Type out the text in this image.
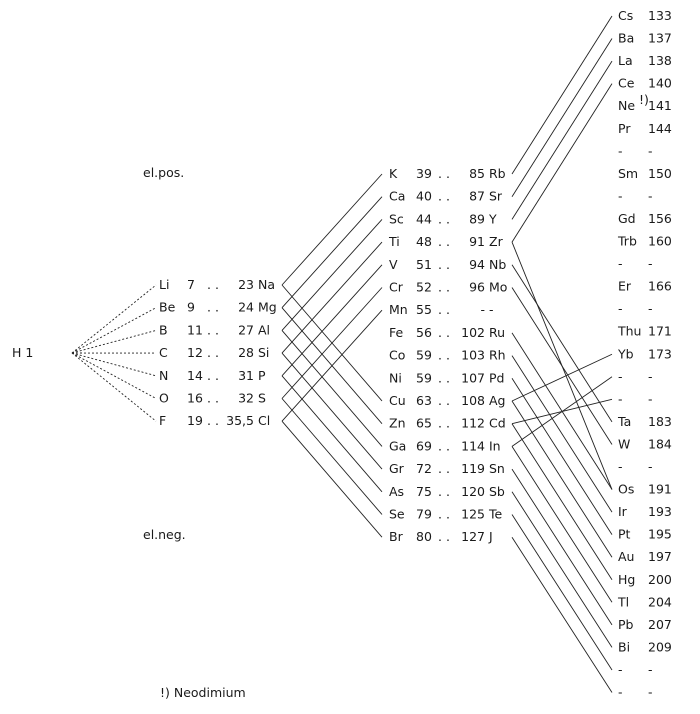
H 1
el.pos.
el.neg.
!) Neodimium
!)
Li 7 . .
Be 9 . .
B 11 . .
C 12 . .
N 14 . .
O 16 . .
F 19 . .
23 Na
24 Mg
27 Al
28 Si
31 P
32 S
35,5 Cl
K 39 . .
Ca 40 . .
Sc 44 . .
Ti 48 . .
V 51 . .
Cr 52 . .
Mn 55 . .
Fe 56 . .
Co 59 . .
Ni 59 . .
Cu 63 . .
Zn 65 . .
Ga 69 . .
Gr 72 . .
As 75 . .
Se 79 . .
Br 80 . .
85 Rb
87 Sr
89 Y
91 Zr
94 Nb
96 Mo
- -
102 Ru
103 Rh
107 Pd
108 Ag
112 Cd
114 In
119 Sn
120 Sb
125 Te
127 J
Cs 133
Ba 137
La 138
Ce 140
Ne 141
Pr 144
- -
Sm 150
- -
Gd 156
Trb 160
- -
Er 166
- -
Thu 171
Yb 173
- -
- -
Ta 183
W 184
- -
Os 191
Ir 193
Pt 195
Au 197
Hg 200
Tl 204
Pb 207
Bi 209
- -
- -
